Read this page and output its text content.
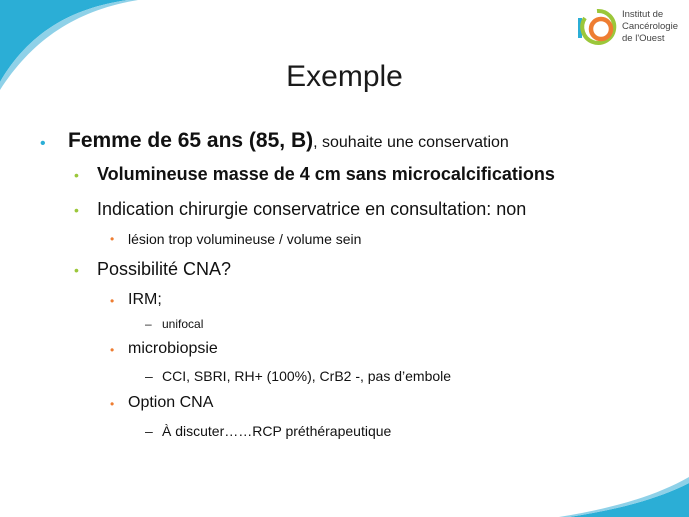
Institut de
Cancérologie
de l'Ouest
Exemple
• Femme de 65 ans (85, B), souhaite une conservation
• Volumineuse masse de 4 cm sans microcalcifications
• Indication chirurgie conservatrice en consultation: non
• lésion trop volumineuse / volume sein
• Possibilité CNA?
• IRM;
– unifocal
• microbiopsie
– CCI, SBRI, RH+ (100%), CrB2 -, pas d’embole
• Option CNA
– À discuter……RCP préthérapeutique
